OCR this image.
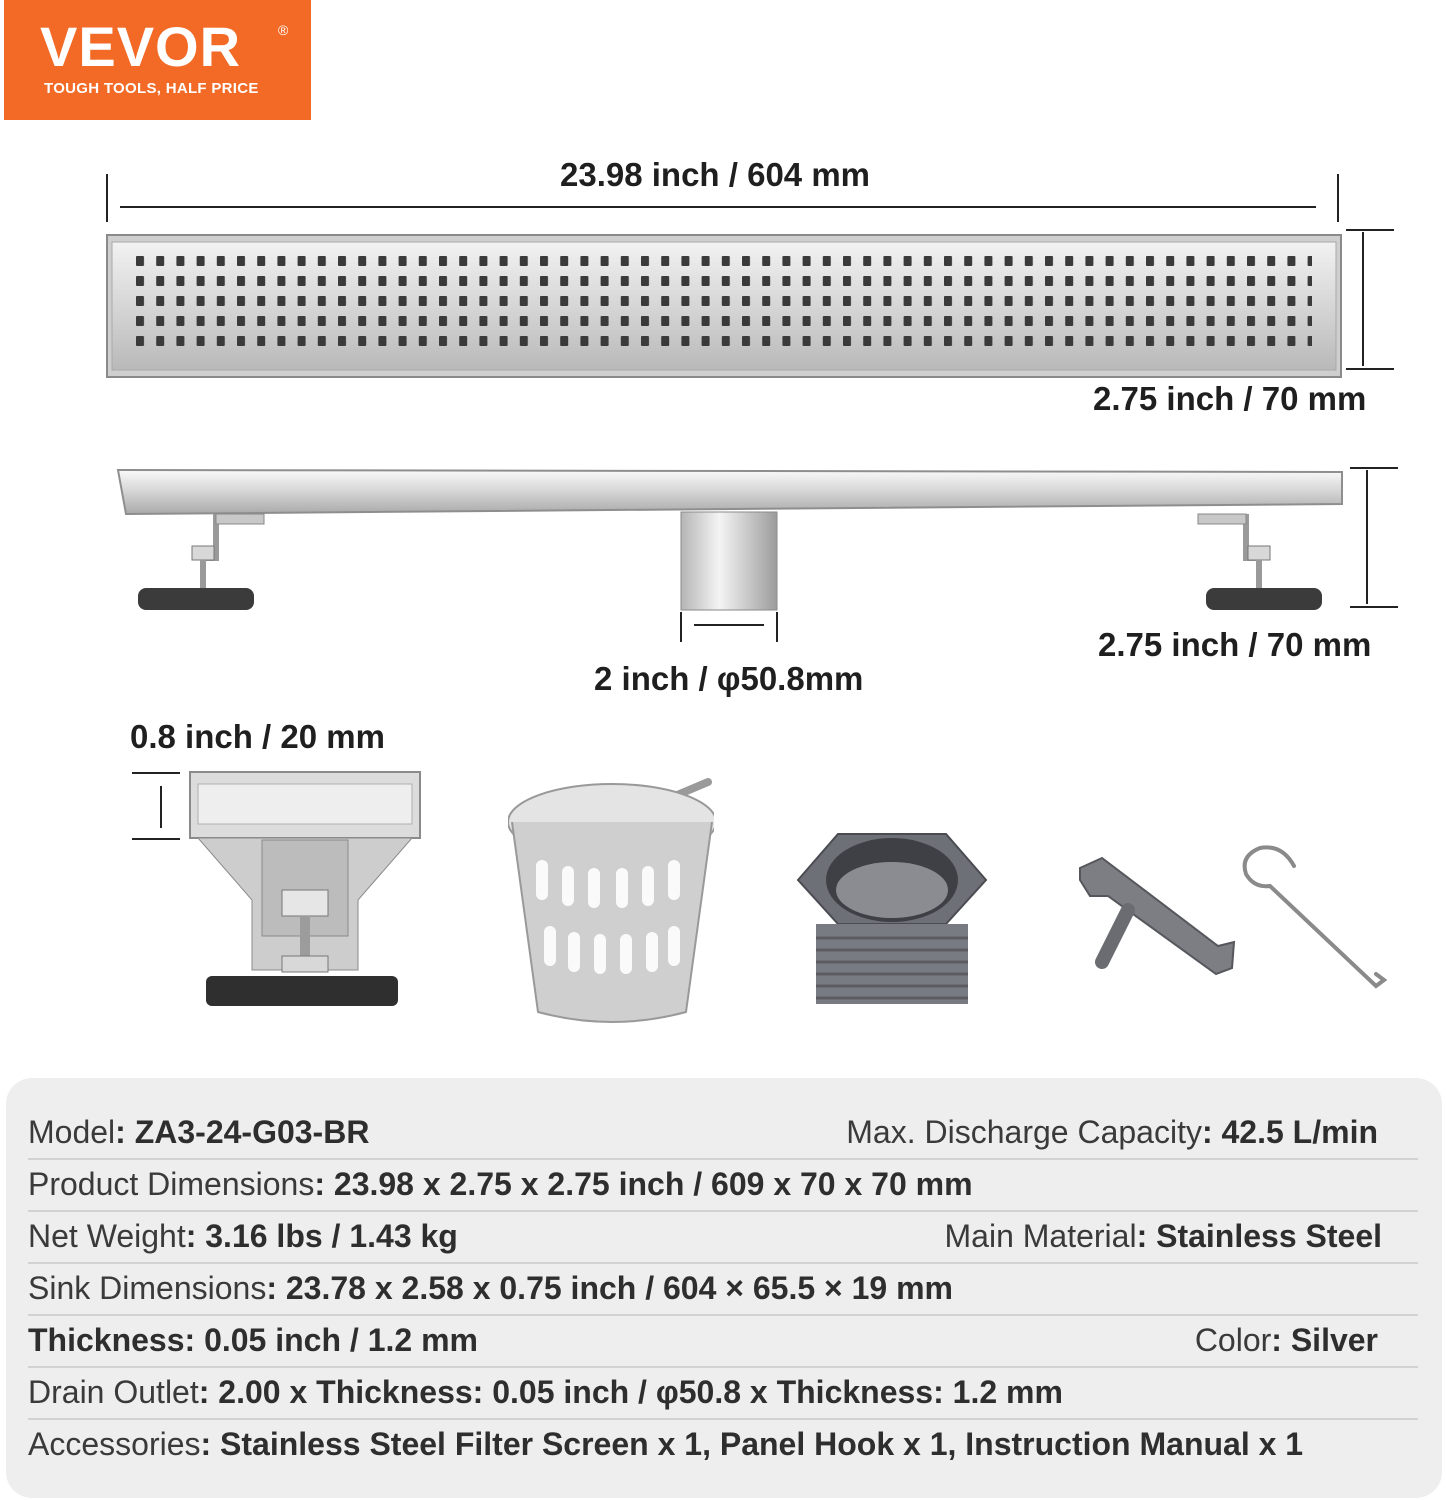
VEVOR	®
TOUGH TOOLS, HALF PRICE
23.98 inch / 604 mm
2.75 inch / 70 mm
2.75 inch / 70 mm
2 inch / φ50.8mm
0.8 inch / 20 mm
Model: ZA3-24-G03-BR	Max. Discharge Capacity: 42.5 L/min
Product Dimensions: 23.98 x 2.75 x 2.75 inch / 609 x 70 x 70 mm
Net Weight: 3.16 lbs / 1.43 kg	Main Material: Stainless Steel
Sink Dimensions: 23.78 x 2.58 x 0.75 inch / 604 × 65.5 × 19 mm
Thickness: 0.05 inch / 1.2 mm	Color: Silver
Drain Outlet: 2.00 x Thickness: 0.05 inch / φ50.8 x Thickness: 1.2 mm
Accessories: Stainless Steel Filter Screen x 1, Panel Hook x 1, Instruction Manual x 1
